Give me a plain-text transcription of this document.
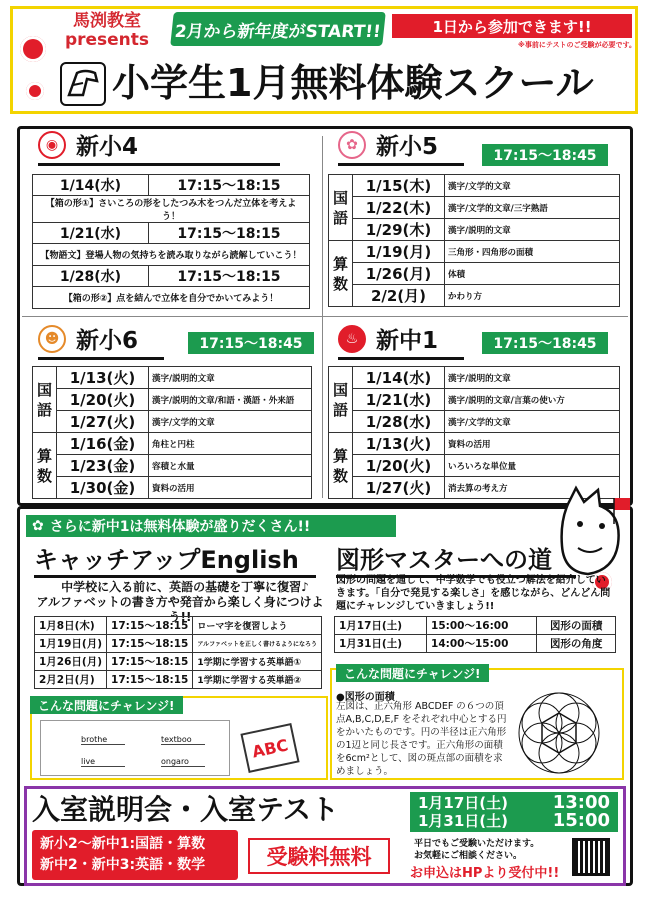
馬渕教室
presents	2月から新年度がSTART!!	1日から参加できます!!
※事前にテストのご受験が必要です。
小学生1月無料体験スクール
◉ 新小4
1/14(水)	17:15～18:15
【箱の形①】さいころの形をしたつみ木をつんだ立体を考えよう！	
1/21(水)	17:15～18:15
【物語文】登場人物の気持ちを読み取りながら読解していこう！	
1/28(水)	17:15～18:15
【箱の形②】点を結んで立体を自分でかいてみよう！	
✿ 新小5	17:15～18:45
国語	1/15(木)	漢字/文学的文章
	1/22(木)	漢字/文学的文章/三字熟語
	1/29(木)	漢字/説明的文章
算数	1/19(月)	三角形・四角形の面積
	1/26(月)	体積
	2/2(月)	かわり方
☻ 新小6	17:15～18:45
国語	1/13(火)	漢字/説明的文章
	1/20(火)	漢字/説明的文章/和語・漢語・外来語
	1/27(火)	漢字/文学的文章
算数	1/16(金)	角柱と円柱
	1/23(金)	容積と水量
	1/30(金)	資料の活用
♨ 新中1	17:15～18:45
国語	1/14(水)	漢字/説明的文章
	1/21(水)	漢字/説明的文章/言葉の使い方
	1/28(水)	漢字/文学的文章
算数	1/13(火)	資料の活用
	1/20(火)	いろいろな単位量
	1/27(火)	消去算の考え方
✿ さらに新中1は無料体験が盛りだくさん!!
キャッチアップEnglish
中学校に入る前に、英語の基礎を丁寧に復習♪
アルファベットの書き方や発音から楽しく身につけよう!!
1月8日(木)	17:15～18:15	ローマ字を復習しよう
1月19日(月)	17:15～18:15	アルファベットを正しく書けるようになろう
1月26日(月)	17:15～18:15	1学期に学習する英単語①
2月2日(月)	17:15～18:15	1学期に学習する英単語②
こんな問題にチャレンジ!
brothe	textboo
live	ongaro
ABC
図形マスターへの道
図形の問題を通して、中学数学でも役立つ解法を紹介していきます。「自分で発見する楽しさ」を感じながら、どんどん問題にチャレンジしていきましょう!!
1月17日(土)	15:00～16:00	図形の面積
1月31日(土)	14:00～15:00	図形の角度
こんな問題にチャレンジ!
●図形の面積
左図は、正六角形 ABCDEF の６つの頂点A,B,C,D,E,F をそれぞれ中心とする円をかいたものです。円の半径は正六角形の1辺と同じ長さです。正六角形の面積を6cm²として、図の斑点部の面積を求めましょう。
入室説明会・入室テスト
新小2～新中1:国語・算数
新中2・新中3:英語・数学	受験料無料
1月17日(土) 13:00
1月31日(土) 15:00
平日でもご受験いただけます。
お気軽にご相談ください。
お申込はHPより受付中!!
